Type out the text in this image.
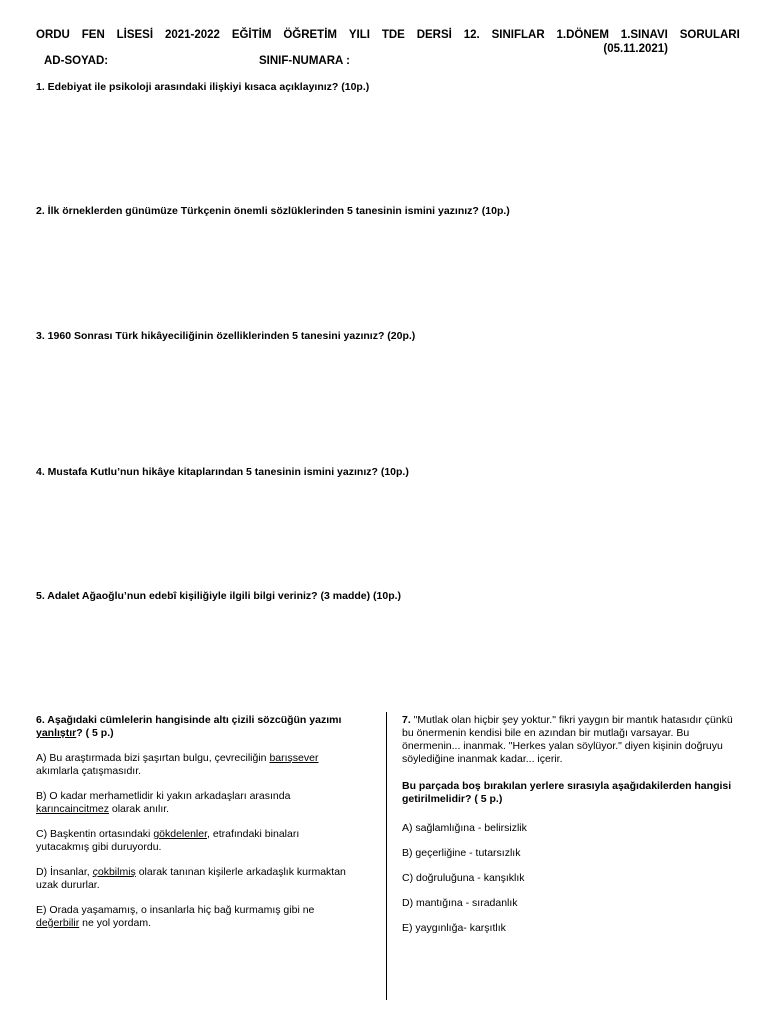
ORDU FEN LİSESİ 2021-2022 EĞİTİM ÖĞRETİM YILI TDE DERSİ 12. SINIFLAR 1.DÖNEM 1.SINAVI SORULARI
(05.11.2021)
AD-SOYAD:	SINIF-NUMARA :
1. Edebiyat ile psikoloji arasındaki ilişkiyi kısaca açıklayınız? (10p.)
2. İlk örneklerden günümüze Türkçenin önemli sözlüklerinden 5 tanesinin ismini yazınız? (10p.)
3. 1960 Sonrası Türk hikâyeciliğinin özelliklerinden 5 tanesini yazınız? (20p.)
4. Mustafa Kutlu’nun hikâye kitaplarından 5 tanesinin ismini yazınız? (10p.)
5. Adalet Ağaoğlu’nun edebî kişiliğiyle ilgili bilgi veriniz? (3 madde) (10p.)
6. Aşağıdaki cümlelerin hangisinde altı çizili sözcüğün yazımı yanlıştır? ( 5 p.)
A) Bu araştırmada bizi şaşırtan bulgu, çevreciliğin barışsever akımlarla çatışmasıdır.
B) O kadar merhametlidir ki yakın arkadaşları arasında karıncaincitmez olarak anılır.
C) Başkentin ortasındaki gökdelenler, etrafındaki binaları yutacakmış gibi duruyordu.
D) İnsanlar, çokbilmiş olarak tanınan kişilerle arkadaşlık kurmaktan uzak dururlar.
E) Orada yaşamamış, o insanlarla hiç bağ kurmamış gibi ne değerbilir ne yol yordam.
7. "Mutlak olan hiçbir şey yoktur." fikri yaygın bir mantık hatasıdır çünkü bu önermenin kendisi bile en azından bir mutlağı varsayar. Bu önermenin... inanmak. "Herkes yalan söylüyor." diyen kişinin doğruyu söylediğine inanmak kadar... içerir.
Bu parçada boş bırakılan yerlere sırasıyla aşağıdakilerden hangisi getirilmelidir? ( 5 p.)
A) sağlamlığına - belirsizlik
B) geçerliğine - tutarsızlık
C) doğruluğuna - kanşıklık
D) mantığına - sıradanlık
E) yaygınlığa- karşıtlık
